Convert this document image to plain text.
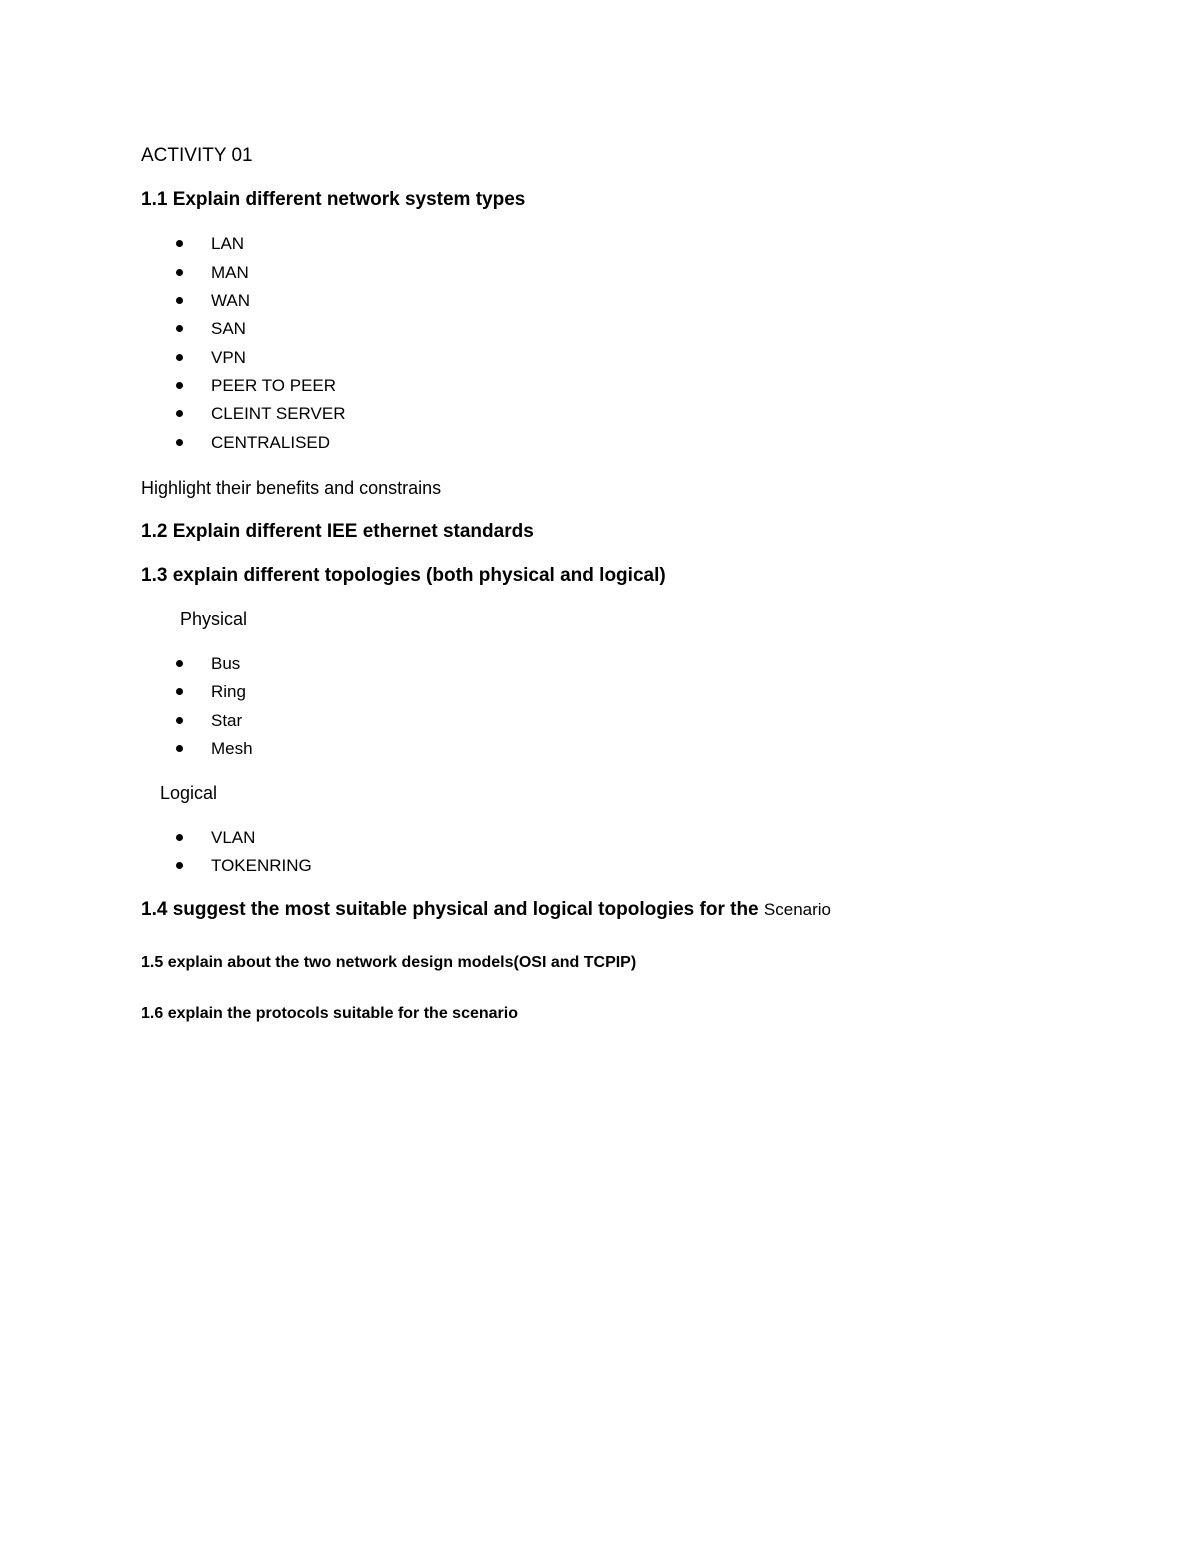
ACTIVITY 01
1.1 Explain different network system types
LAN
MAN
WAN
SAN
VPN
PEER TO PEER
CLEINT SERVER
CENTRALISED
Highlight their benefits and constrains
1.2 Explain different IEE ethernet standards
1.3 explain different topologies (both physical and logical)
Physical
Bus
Ring
Star
Mesh
Logical
VLAN
TOKENRING
1.4 suggest the most suitable physical and logical topologies for the Scenario
1.5 explain about the two network design models(OSI and TCPIP)
1.6 explain the protocols suitable for the scenario
